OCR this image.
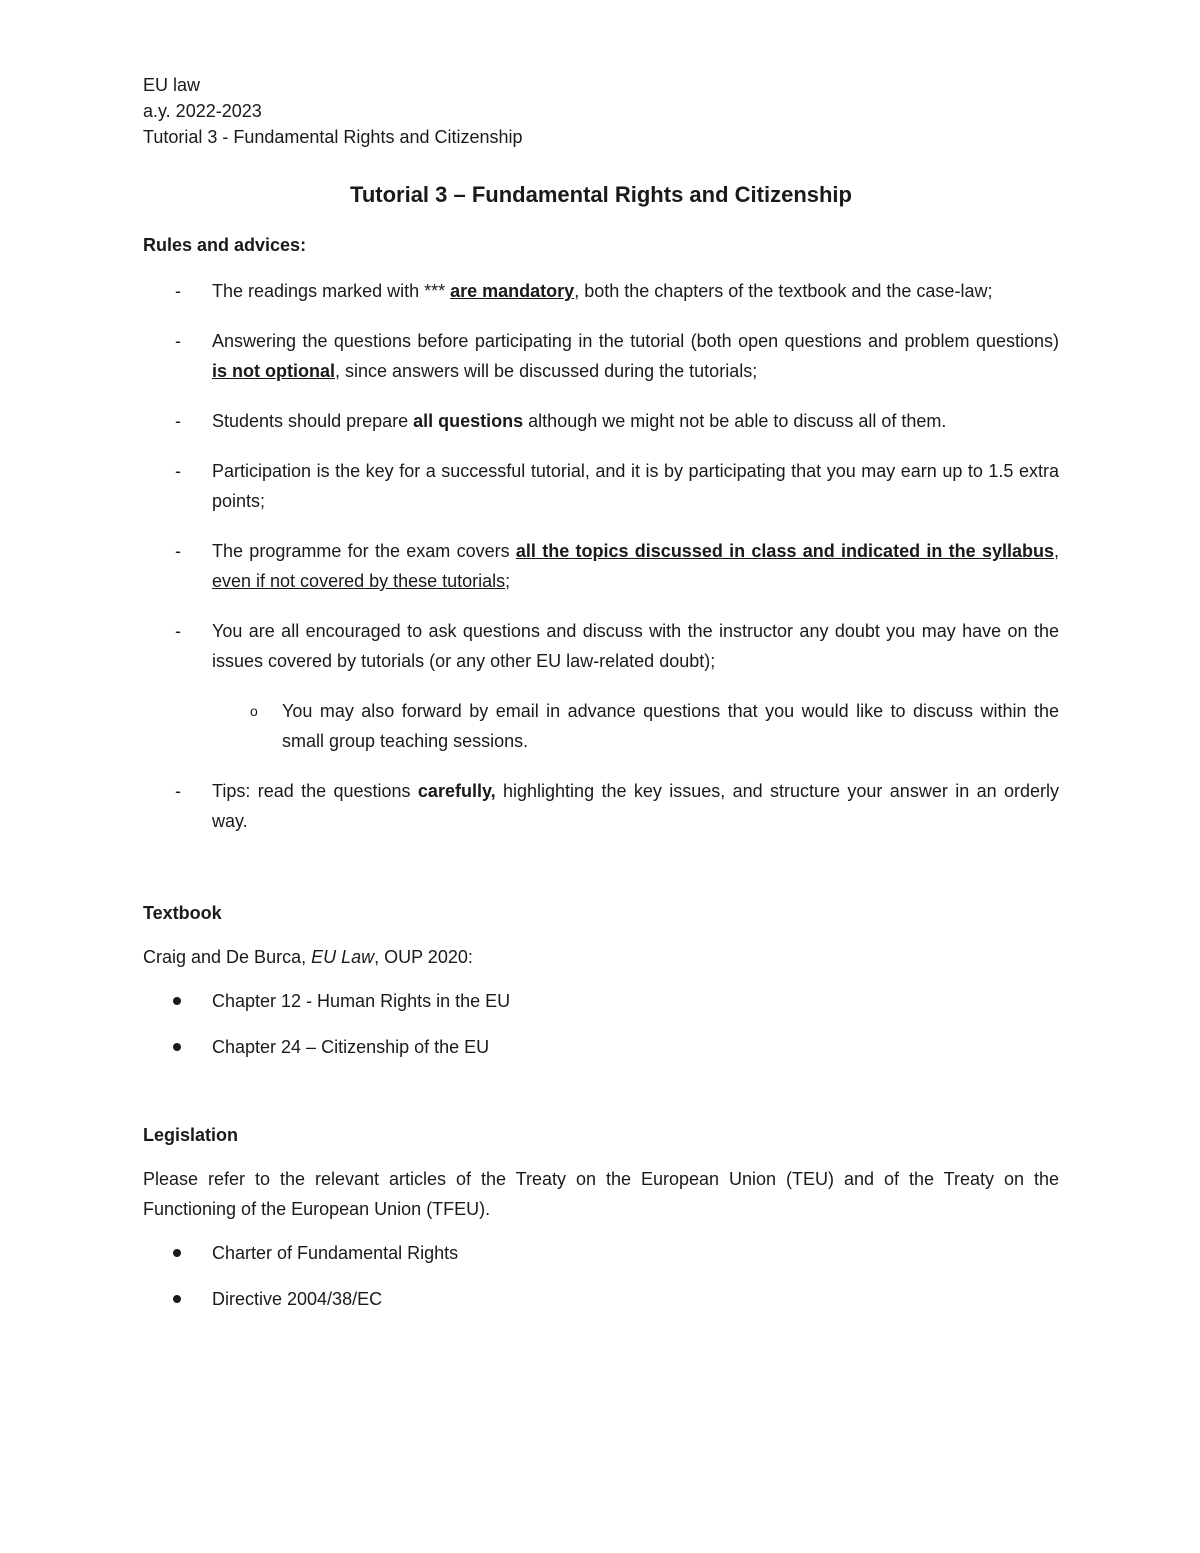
EU law

a.y. 2022-2023

Tutorial 3 - Fundamental Rights and Citizenship

Tutorial 3 – Fundamental Rights and Citizenship

Rules and advices:

- The readings marked with *** are mandatory, both the chapters of the textbook and the case-law;
- Answering the questions before participating in the tutorial (both open questions and problem questions) is not optional, since answers will be discussed during the tutorials;
- Students should prepare all questions although we might not be able to discuss all of them.
- Participation is the key for a successful tutorial, and it is by participating that you may earn up to 1.5 extra points;
- The programme for the exam covers all the topics discussed in class and indicated in the syllabus, even if not covered by these tutorials;
- You are all encouraged to ask questions and discuss with the instructor any doubt you may have on the issues covered by tutorials (or any other EU law-related doubt);
o You may also forward by email in advance questions that you would like to discuss within the small group teaching sessions.
- Tips: read the questions carefully, highlighting the key issues, and structure your answer in an orderly way.

Textbook

Craig and De Burca, EU Law, OUP 2020:

Chapter 12 - Human Rights in the EU
Chapter 24 – Citizenship of the EU

Legislation

Please refer to the relevant articles of the Treaty on the European Union (TEU) and of the Treaty on the Functioning of the European Union (TFEU).

Charter of Fundamental Rights
Directive 2004/38/EC
